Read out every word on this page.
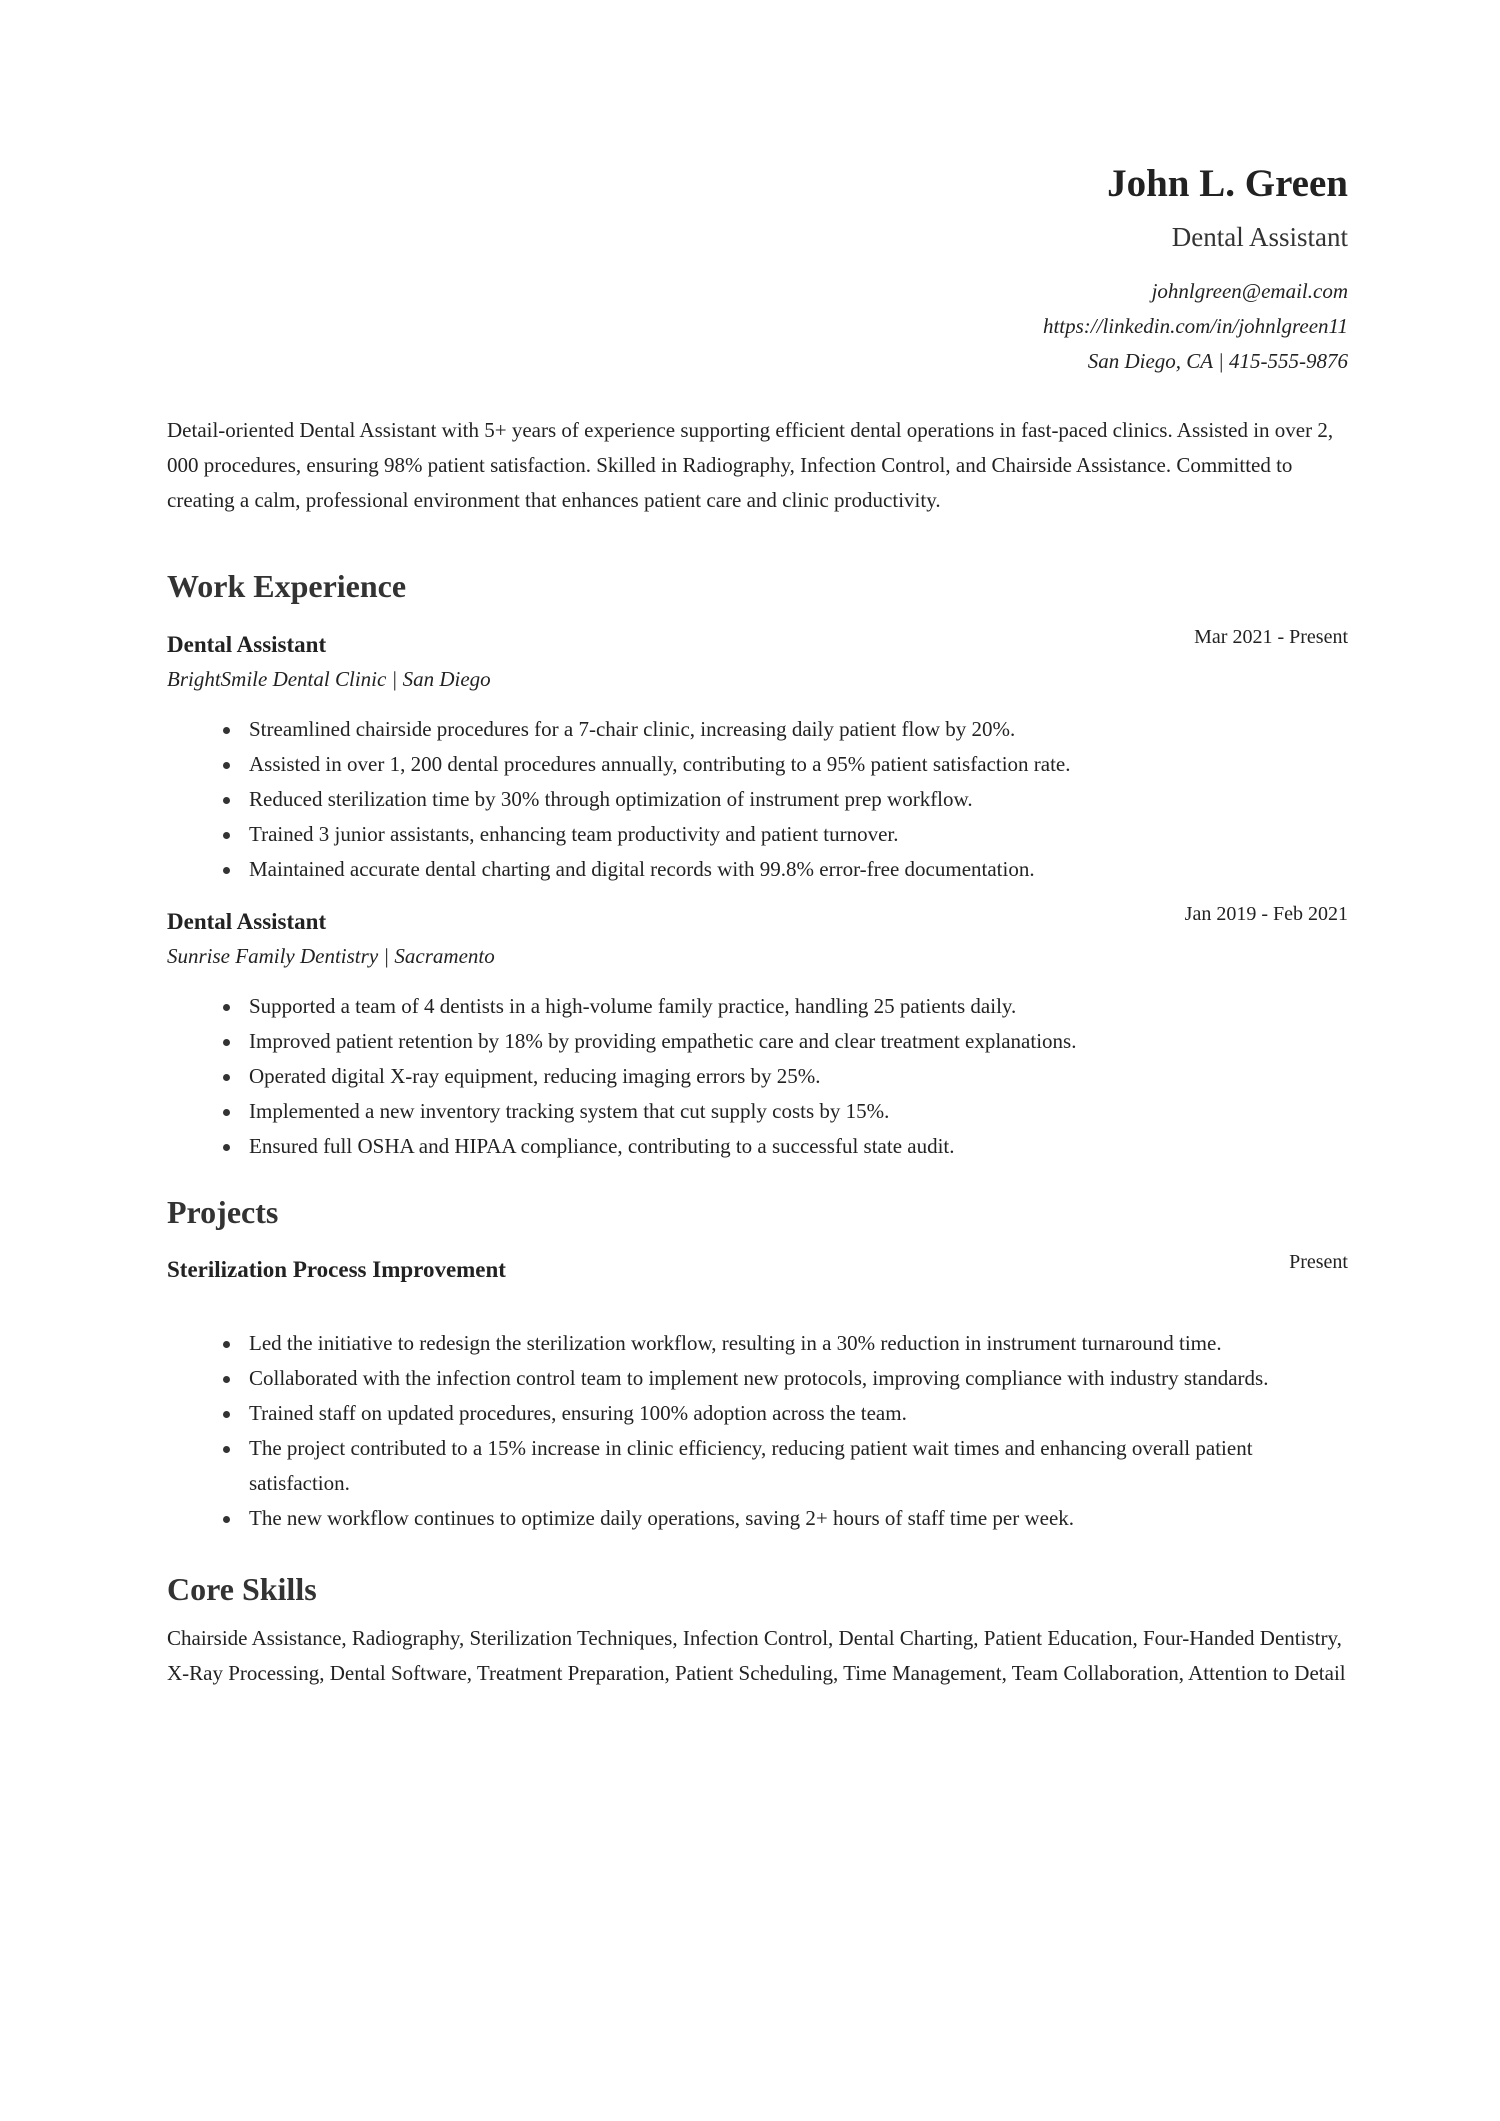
John L. Green
Dental Assistant
johnlgreen@email.com
https://linkedin.com/in/johnlgreen11
San Diego, CA | 415-555-9876

Detail-oriented Dental Assistant with 5+ years of experience supporting efficient dental operations in fast-paced clinics. Assisted in over 2, 000 procedures, ensuring 98% patient satisfaction. Skilled in Radiography, Infection Control, and Chairside Assistance. Committed to creating a calm, professional environment that enhances patient care and clinic productivity.

Work Experience
Dental Assistant	Mar 2021 - Present
BrightSmile Dental Clinic | San Diego
Streamlined chairside procedures for a 7-chair clinic, increasing daily patient flow by 20%.
Assisted in over 1, 200 dental procedures annually, contributing to a 95% patient satisfaction rate.
Reduced sterilization time by 30% through optimization of instrument prep workflow.
Trained 3 junior assistants, enhancing team productivity and patient turnover.
Maintained accurate dental charting and digital records with 99.8% error-free documentation.
Dental Assistant	Jan 2019 - Feb 2021
Sunrise Family Dentistry | Sacramento
Supported a team of 4 dentists in a high-volume family practice, handling 25 patients daily.
Improved patient retention by 18% by providing empathetic care and clear treatment explanations.
Operated digital X-ray equipment, reducing imaging errors by 25%.
Implemented a new inventory tracking system that cut supply costs by 15%.
Ensured full OSHA and HIPAA compliance, contributing to a successful state audit.
Projects
Sterilization Process Improvement	Present
Led the initiative to redesign the sterilization workflow, resulting in a 30% reduction in instrument turnaround time.
Collaborated with the infection control team to implement new protocols, improving compliance with industry standards.
Trained staff on updated procedures, ensuring 100% adoption across the team.
The project contributed to a 15% increase in clinic efficiency, reducing patient wait times and enhancing overall patient satisfaction.
The new workflow continues to optimize daily operations, saving 2+ hours of staff time per week.
Core Skills

Chairside Assistance, Radiography, Sterilization Techniques, Infection Control, Dental Charting, Patient Education, Four-Handed Dentistry, X-Ray Processing, Dental Software, Treatment Preparation, Patient Scheduling, Time Management, Team Collaboration, Attention to Detail
